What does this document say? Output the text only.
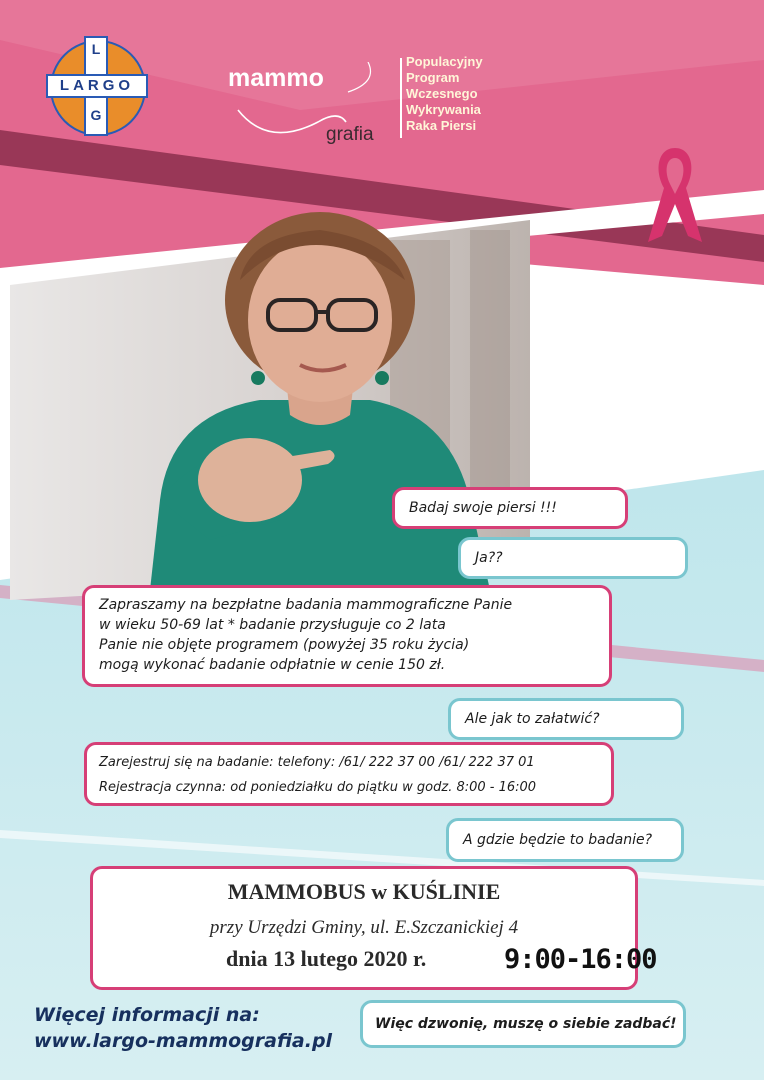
LARGO
L
G
mammo
grafia
Populacyjny
Program
Wczesnego
Wykrywania
Raka Piersi
Badaj swoje piersi !!!
Ja??
Zapraszamy na bezpłatne badania mammograficzne Panie
w wieku 50-69 lat * badanie przysługuje co 2 lata
Panie nie objęte programem (powyżej 35 roku życia)
mogą wykonać badanie odpłatnie w cenie 150 zł.
Ale jak to załatwić?
Zarejestruj się na badanie: telefony: /61/ 222 37 00 /61/ 222 37 01
Rejestracja czynna: od poniedziałku do piątku w godz. 8:00 - 16:00
A gdzie będzie to badanie?
MAMMOBUS w KUŚLINIE
przy Urzędzi Gminy, ul. E.Szczanickiej 4
dnia 13 lutego 2020 r.	9:00-16:00
Więc dzwonię, muszę o siebie zadbać!
Więcej informacji na:
www.largo-mammografia.pl
